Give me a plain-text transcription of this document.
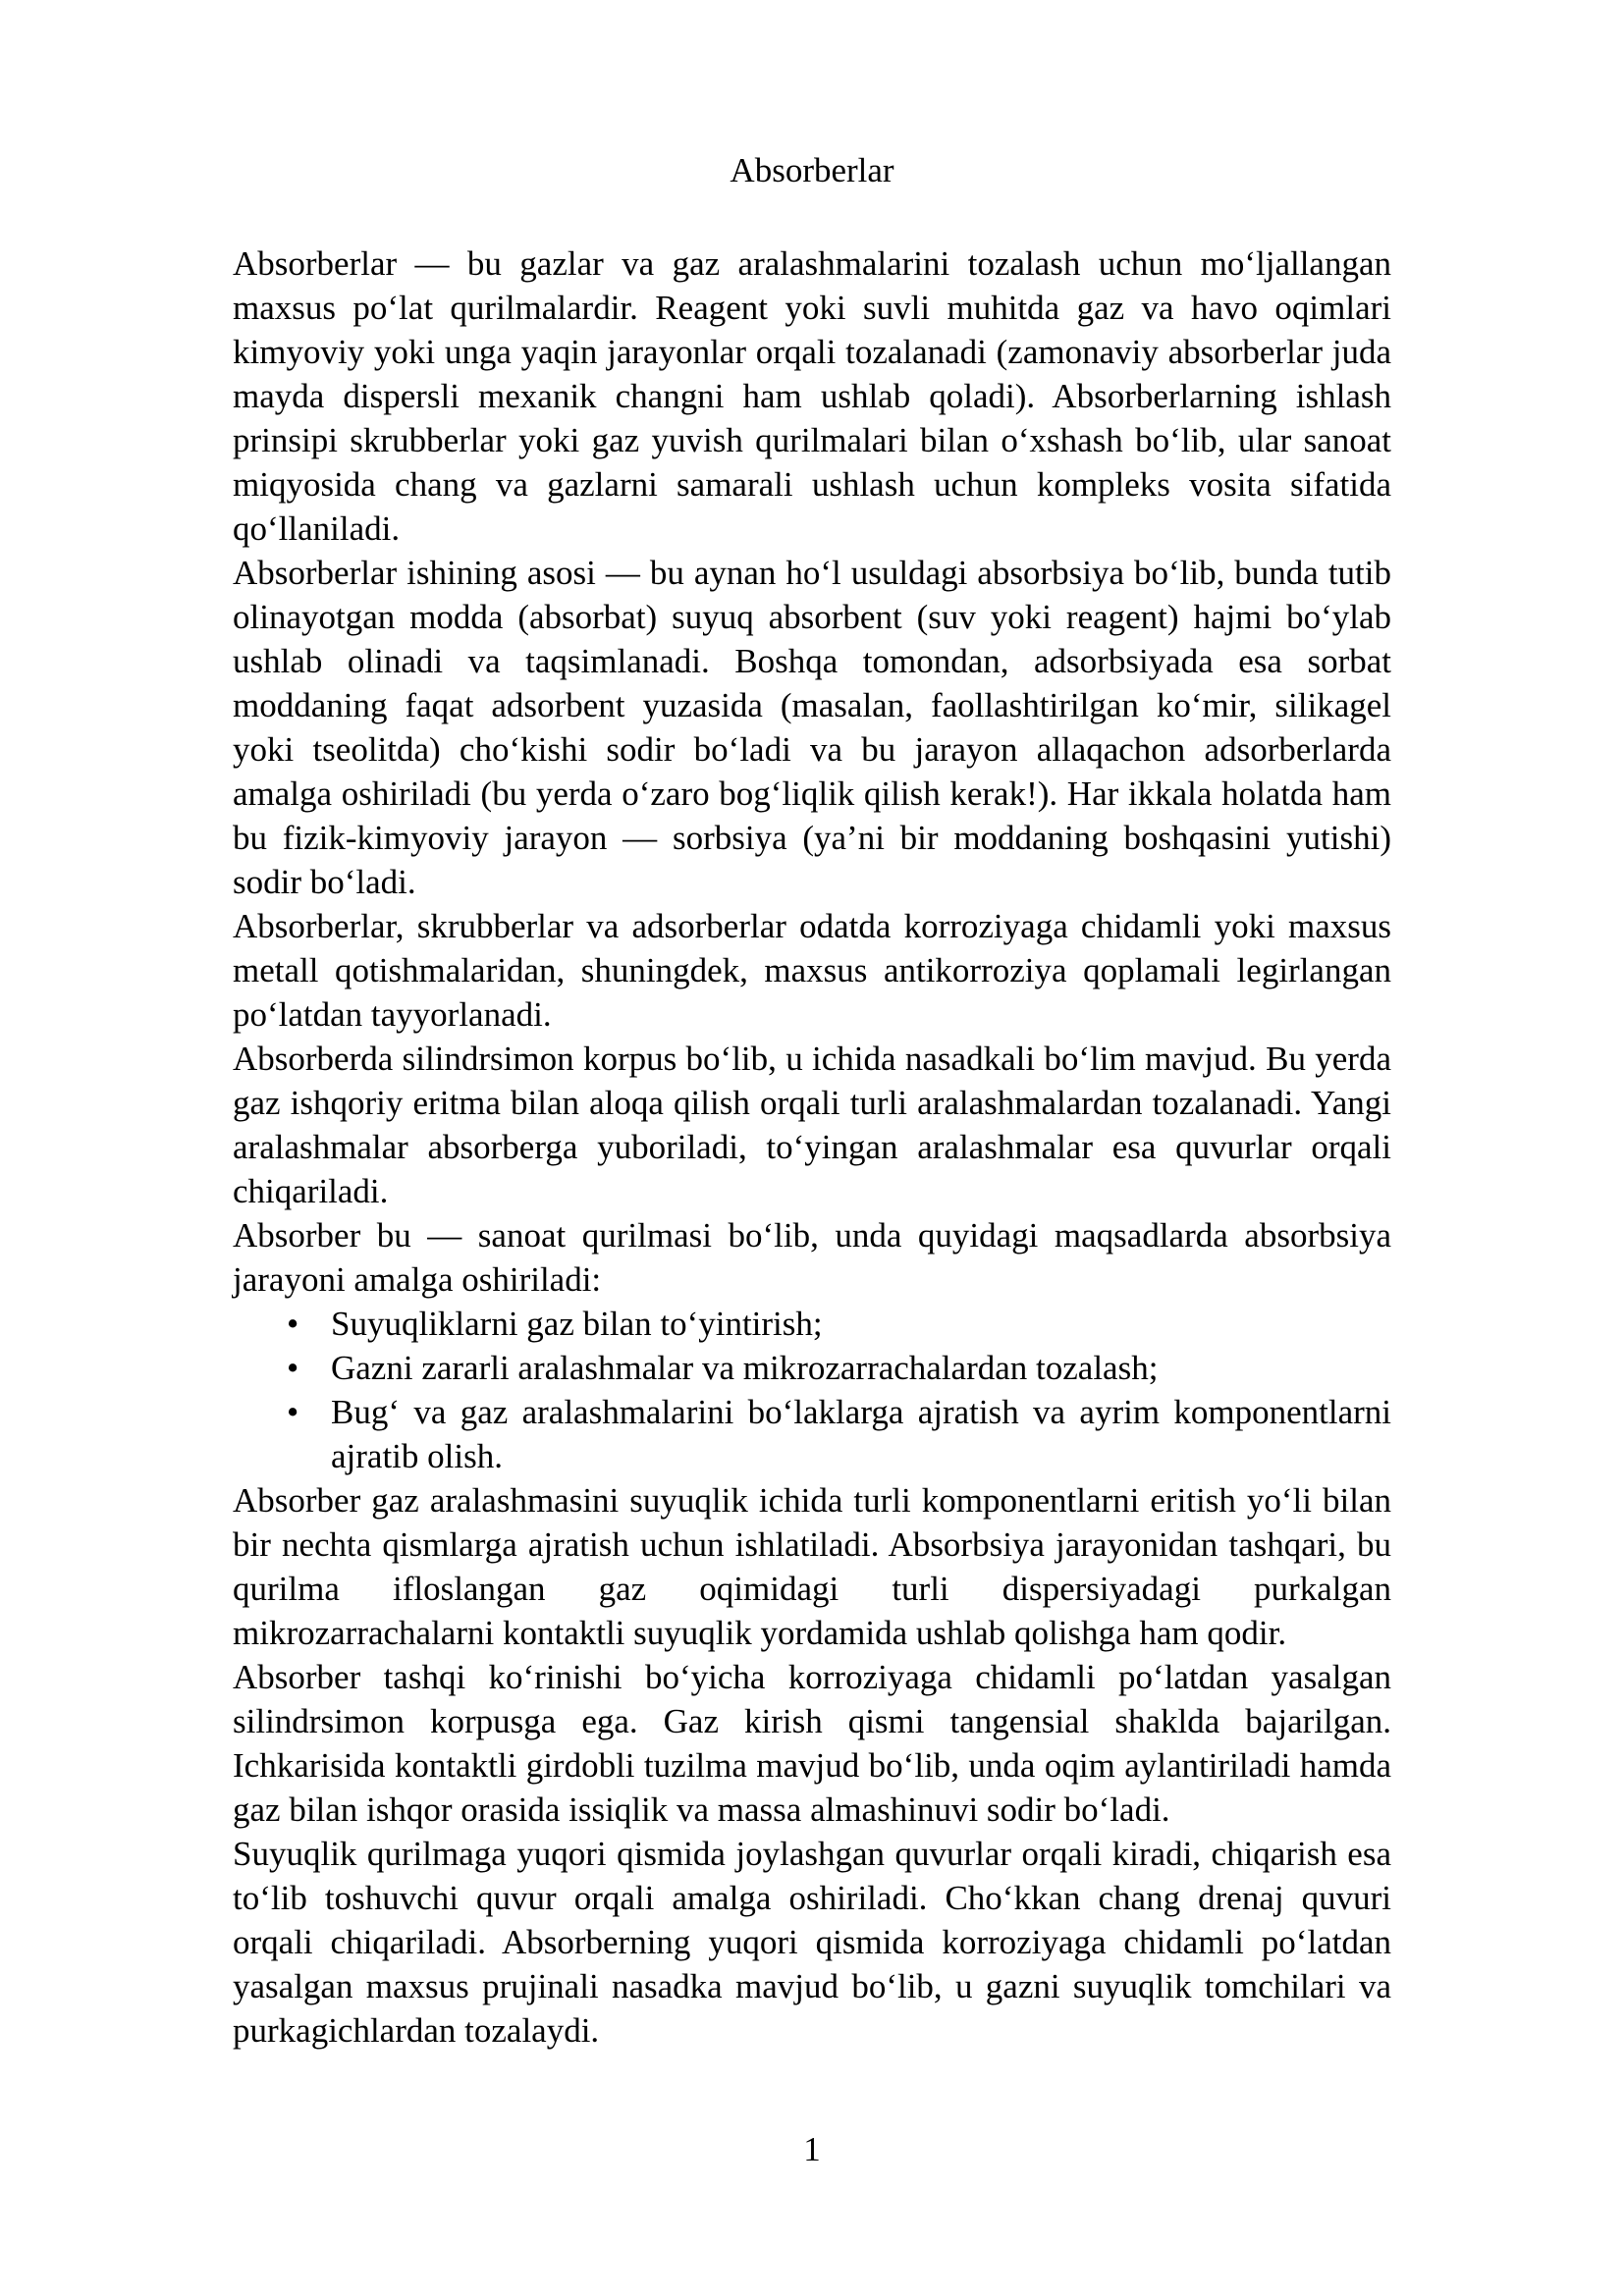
Absorberlar

Absorberlar — bu gazlar va gaz aralashmalarini tozalash uchun mo‘ljallangan maxsus po‘lat qurilmalardir. Reagent yoki suvli muhitda gaz va havo oqimlari kimyoviy yoki unga yaqin jarayonlar orqali tozalanadi (zamonaviy absorberlar juda mayda dispersli mexanik changni ham ushlab qoladi). Absorberlarning ishlash prinsipi skrubberlar yoki gaz yuvish qurilmalari bilan o‘xshash bo‘lib, ular sanoat miqyosida chang va gazlarni samarali ushlash uchun kompleks vosita sifatida qo‘llaniladi.

Absorberlar ishining asosi — bu aynan ho‘l usuldagi absorbsiya bo‘lib, bunda tutib olinayotgan modda (absorbat) suyuq absorbent (suv yoki reagent) hajmi bo‘ylab ushlab olinadi va taqsimlanadi. Boshqa tomondan, adsorbsiyada esa sorbat moddaning faqat adsorbent yuzasida (masalan, faollashtirilgan ko‘mir, silikagel yoki tseolitda) cho‘kishi sodir bo‘ladi va bu jarayon allaqachon adsorberlarda amalga oshiriladi (bu yerda o‘zaro bog‘liqlik qilish kerak!). Har ikkala holatda ham bu fizik-kimyoviy jarayon — sorbsiya (ya’ni bir moddaning boshqasini yutishi) sodir bo‘ladi.

Absorberlar, skrubberlar va adsorberlar odatda korroziyaga chidamli yoki maxsus metall qotishmalaridan, shuningdek, maxsus antikorroziya qoplamali legirlangan po‘latdan tayyorlanadi.

Absorberda silindrsimon korpus bo‘lib, u ichida nasadkali bo‘lim mavjud. Bu yerda gaz ishqoriy eritma bilan aloqa qilish orqali turli aralashmalardan tozalanadi. Yangi aralashmalar absorberga yuboriladi, to‘yingan aralashmalar esa quvurlar orqali chiqariladi.

Absorber bu — sanoat qurilmasi bo‘lib, unda quyidagi maqsadlarda absorbsiya jarayoni amalga oshiriladi:

• Suyuqliklarni gaz bilan to‘yintirish;
• Gazni zararli aralashmalar va mikrozarrachalardan tozalash;
• Bug‘ va gaz aralashmalarini bo‘laklarga ajratish va ayrim komponentlarni ajratib olish.

Absorber gaz aralashmasini suyuqlik ichida turli komponentlarni eritish yo‘li bilan bir nechta qismlarga ajratish uchun ishlatiladi. Absorbsiya jarayonidan tashqari, bu qurilma ifloslangan gaz oqimidagi turli dispersiyadagi purkalgan mikrozarrachalarni kontaktli suyuqlik yordamida ushlab qolishga ham qodir.

Absorber tashqi ko‘rinishi bo‘yicha korroziyaga chidamli po‘latdan yasalgan silindrsimon korpusga ega. Gaz kirish qismi tangensial shaklda bajarilgan. Ichkarisida kontaktli girdobli tuzilma mavjud bo‘lib, unda oqim aylantiriladi hamda gaz bilan ishqor orasida issiqlik va massa almashinuvi sodir bo‘ladi.

Suyuqlik qurilmaga yuqori qismida joylashgan quvurlar orqali kiradi, chiqarish esa to‘lib toshuvchi quvur orqali amalga oshiriladi. Cho‘kkan chang drenaj quvuri orqali chiqariladi. Absorberning yuqori qismida korroziyaga chidamli po‘latdan yasalgan maxsus prujinali nasadka mavjud bo‘lib, u gazni suyuqlik tomchilari va purkagichlardan tozalaydi.

1
